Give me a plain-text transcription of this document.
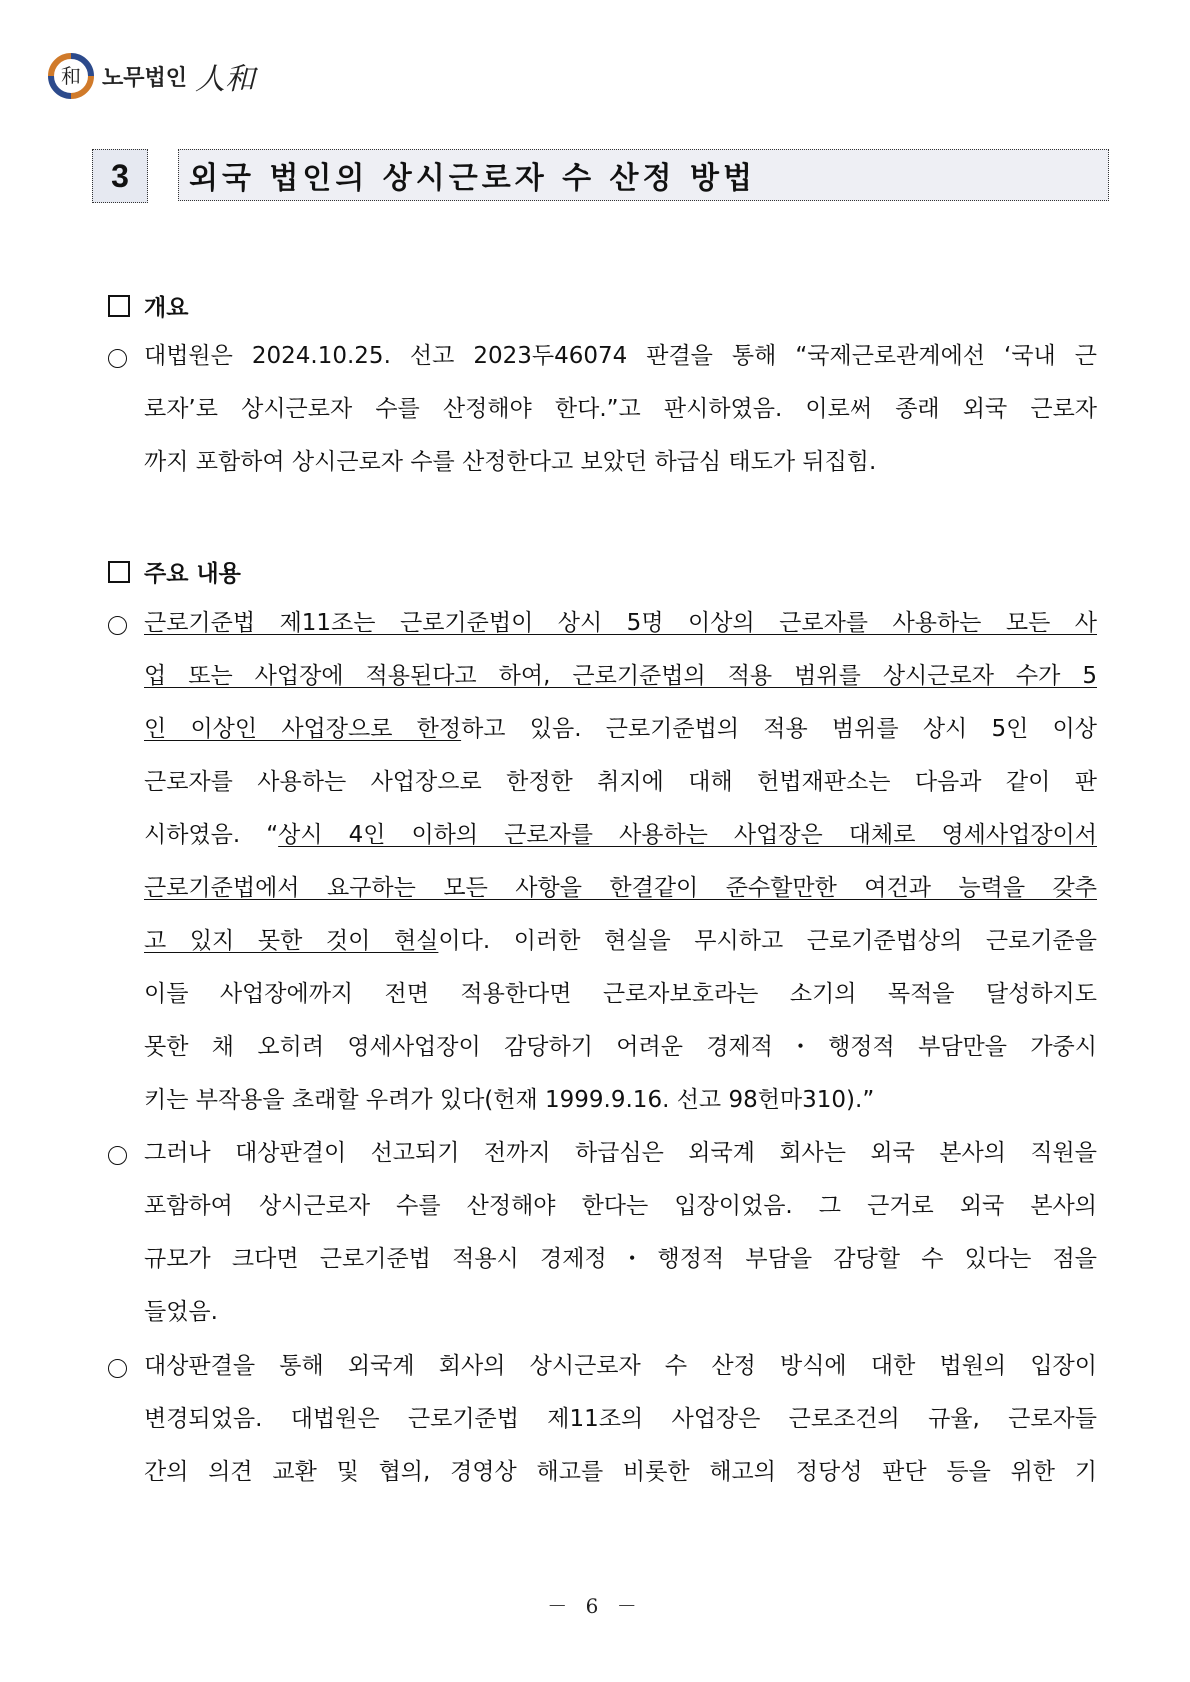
和 노무법인 人和
3	외국 법인의 상시근로자 수 산정 방법
개요
대법원은 2024.10.25. 선고 2023두46074 판결을 통해 “국제근로관계에선 ‘국내 근
로자’로 상시근로자 수를 산정해야 한다.”고 판시하였음. 이로써 종래 외국 근로자
까지 포함하여 상시근로자 수를 산정한다고 보았던 하급심 태도가 뒤집힘.
주요 내용
근로기준법 제11조는 근로기준법이 상시 5명 이상의 근로자를 사용하는 모든 사
업 또는 사업장에 적용된다고 하여, 근로기준법의 적용 범위를 상시근로자 수가 5
인 이상인 사업장으로 한정하고 있음. 근로기준법의 적용 범위를 상시 5인 이상
근로자를 사용하는 사업장으로 한정한 취지에 대해 헌법재판소는 다음과 같이 판
시하였음. “상시 4인 이하의 근로자를 사용하는 사업장은 대체로 영세사업장이서
근로기준법에서 요구하는 모든 사항을 한결같이 준수할만한 여건과 능력을 갖추
고 있지 못한 것이 현실이다. 이러한 현실을 무시하고 근로기준법상의 근로기준을
이들 사업장에까지 전면 적용한다면 근로자보호라는 소기의 목적을 달성하지도
못한 채 오히려 영세사업장이 감당하기 어려운 경제적・행정적 부담만을 가중시
키는 부작용을 초래할 우려가 있다(헌재 1999.9.16. 선고 98헌마310).”
그러나 대상판결이 선고되기 전까지 하급심은 외국계 회사는 외국 본사의 직원을
포함하여 상시근로자 수를 산정해야 한다는 입장이었음. 그 근거로 외국 본사의
규모가 크다면 근로기준법 적용시 경제정・행정적 부담을 감당할 수 있다는 점을
들었음.
대상판결을 통해 외국계 회사의 상시근로자 수 산정 방식에 대한 법원의 입장이
변경되었음. 대법원은 근로기준법 제11조의 사업장은 근로조건의 규율, 근로자들
간의 의견 교환 및 협의, 경영상 해고를 비롯한 해고의 정당성 판단 등을 위한 기
－ 6 －
